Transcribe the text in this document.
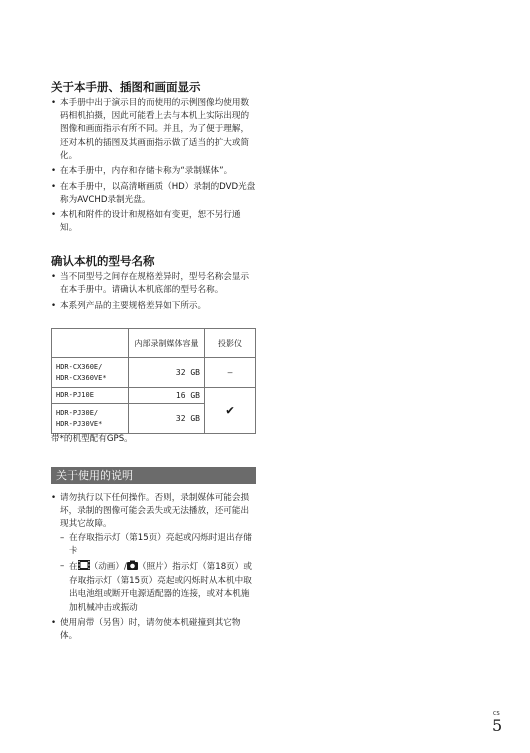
关于本手册、插图和画面显示
• 本手册中出于演示目的而使用的示例图像均使用数码相机拍摄，因此可能看上去与本机上实际出现的图像和画面指示有所不同。并且，为了便于理解，还对本机的插图及其画面指示做了适当的扩大或简化。
• 在本手册中，内存和存储卡称为“录制媒体”。
• 在本手册中，以高清晰画质（HD）录制的DVD光盘称为AVCHD录制光盘。
• 本机和附件的设计和规格如有变更，恕不另行通知。
确认本机的型号名称
• 当不同型号之间存在规格差异时，型号名称会显示在本手册中。请确认本机底部的型号名称。
• 本系列产品的主要规格差异如下所示。
	内部录制媒体容量	投影仪
HDR-CX360E/
HDR-CX360VE*	32 GB	—
HDR-PJ10E	16 GB	✔
HDR-PJ30E/
HDR-PJ30VE*	32 GB	

带*的机型配有GPS。

关于使用的说明
• 请勿执行以下任何操作。否则，录制媒体可能会损坏，录制的图像可能会丢失或无法播放，还可能出现其它故障。
– 在存取指示灯（第15页）亮起或闪烁时退出存储卡
– 在 （动画）/ （照片）指示灯（第18页）或存取指示灯（第15页）亮起或闪烁时从本机中取出电池组或断开电源适配器的连接，或对本机施加机械冲击或振动
• 使用肩带（另售）时，请勿使本机碰撞到其它物体。
CS
5
